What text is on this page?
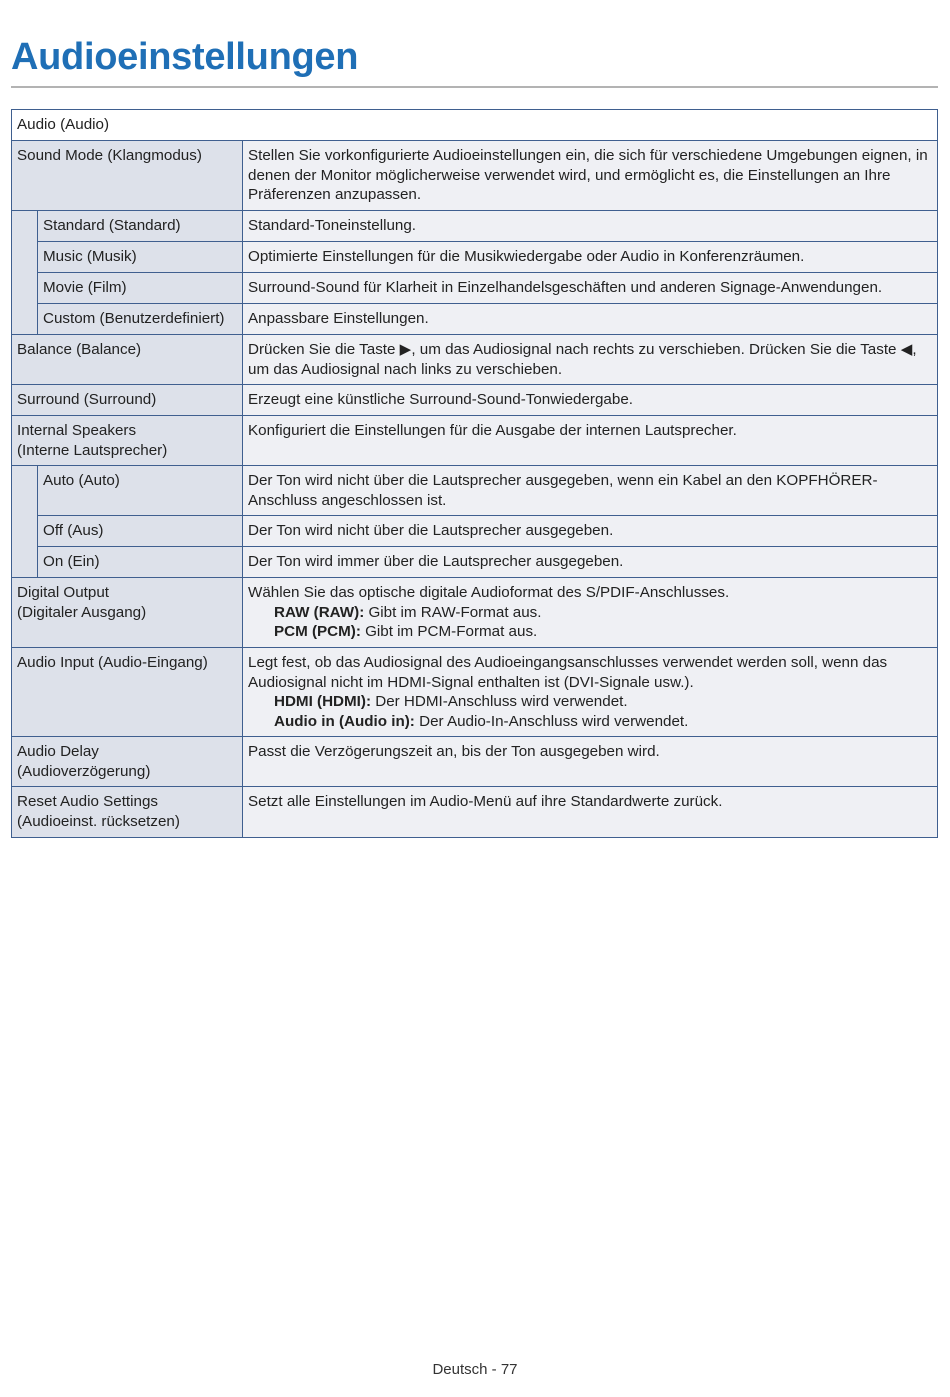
Audioeinstellungen
Audio (Audio)		
Sound Mode (Klangmodus)		Stellen Sie vorkonfigurierte Audioeinstellungen ein, die sich für verschiedene Umgebungen eignen, in denen der Monitor möglicherweise verwendet wird, und ermöglicht es, die Einstellungen an Ihre Präferenzen anzupassen.
	Standard (Standard)	Standard-Toneinstellung.
	Music (Musik)	Optimierte Einstellungen für die Musikwiedergabe oder Audio in Konferenzräumen.
	Movie (Film)	Surround-Sound für Klarheit in Einzelhandelsgeschäften und anderen Signage-Anwendungen.
	Custom (Benutzerdefiniert)	Anpassbare Einstellungen.
Balance (Balance)		Drücken Sie die Taste ▶, um das Audiosignal nach rechts zu verschieben. Drücken Sie die Taste ◀, um das Audiosignal nach links zu verschieben.
Surround (Surround)		Erzeugt eine künstliche Surround-Sound-Tonwiedergabe.
Internal Speakers
(Interne Lautsprecher)		Konfiguriert die Einstellungen für die Ausgabe der internen Lautsprecher.
	Auto (Auto)	Der Ton wird nicht über die Lautsprecher ausgegeben, wenn ein Kabel an den KOPFHÖRER-Anschluss angeschlossen ist.
	Off (Aus)	Der Ton wird nicht über die Lautsprecher ausgegeben.
	On (Ein)	Der Ton wird immer über die Lautsprecher ausgegeben.
Digital Output
(Digitaler Ausgang)		Wählen Sie das optische digitale Audioformat des S/PDIF-Anschlusses.
RAW (RAW): Gibt im RAW-Format aus.
PCM (PCM): Gibt im PCM-Format aus.

Audio Input (Audio-Eingang)		Legt fest, ob das Audiosignal des Audioeingangsanschlusses verwendet werden soll, wenn das Audiosignal nicht im HDMI-Signal enthalten ist (DVI-Signale usw.).
HDMI (HDMI): Der HDMI-Anschluss wird verwendet.
Audio in (Audio in): Der Audio-In-Anschluss wird verwendet.

Audio Delay
(Audioverzögerung)		Passt die Verzögerungszeit an, bis der Ton ausgegeben wird.
Reset Audio Settings
(Audioeinst. rücksetzen)		Setzt alle Einstellungen im Audio-Menü auf ihre Standardwerte zurück.
Deutsch - 77
